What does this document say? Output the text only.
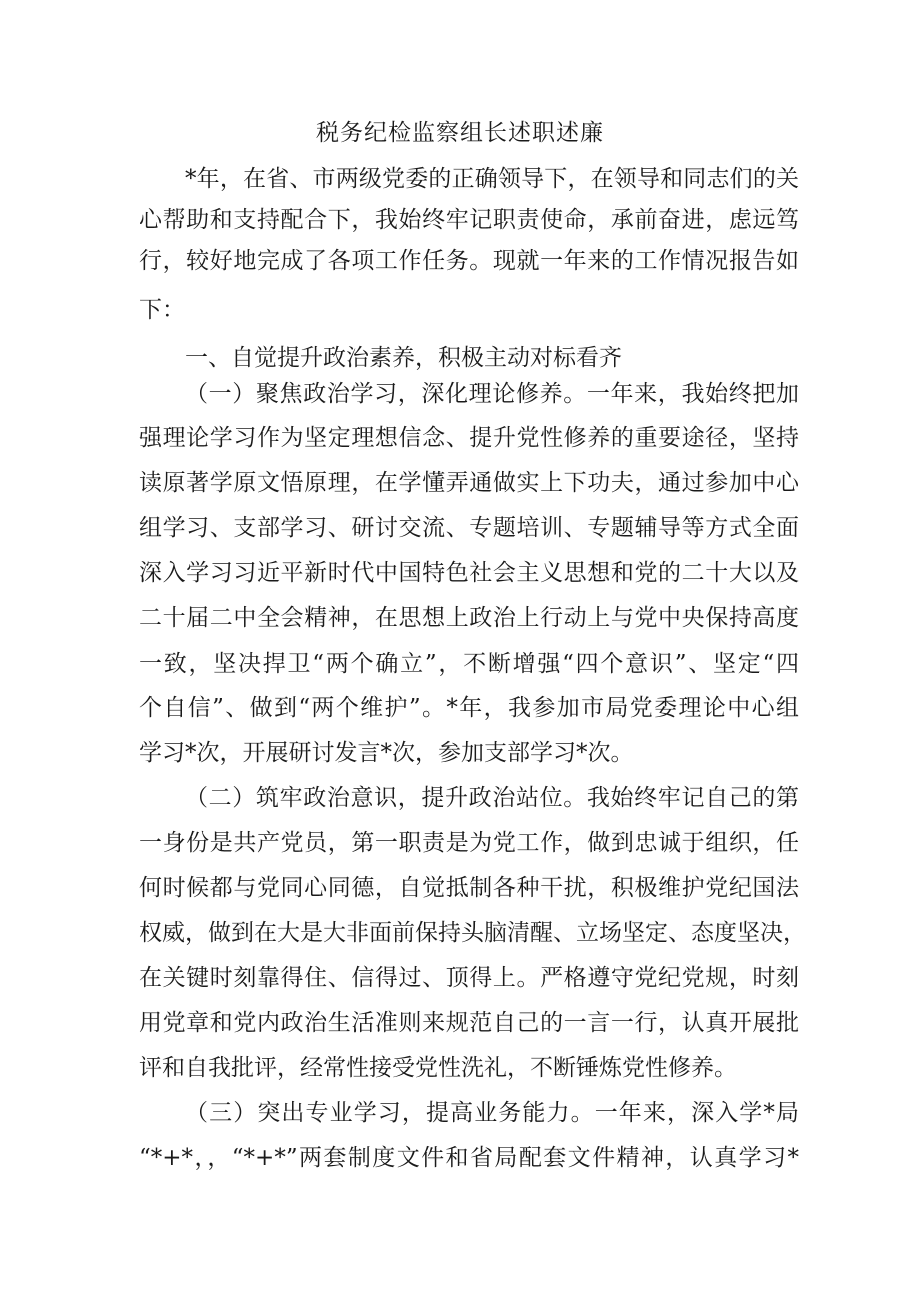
税务纪检监察组长述职述廉
*年，在省、市两级党委的正确领导下，在领导和同志们的关
心帮助和支持配合下，我始终牢记职责使命，承前奋进，虑远笃
行，较好地完成了各项工作任务。现就一年来的工作情况报告如
下：
一、自觉提升政治素养，积极主动对标看齐
（一）聚焦政治学习，深化理论修养。一年来，我始终把加
强理论学习作为坚定理想信念、提升党性修养的重要途径，坚持
读原著学原文悟原理，在学懂弄通做实上下功夫，通过参加中心
组学习、支部学习、研讨交流、专题培训、专题辅导等方式全面
深入学习习近平新时代中国特色社会主义思想和党的二十大以及
二十届二中全会精神，在思想上政治上行动上与党中央保持高度
一致，坚决捍卫“两个确立”，不断增强“四个意识”、坚定“四
个自信”、做到“两个维护”。*年，我参加市局党委理论中心组
学习*次，开展研讨发言*次，参加支部学习*次。
（二）筑牢政治意识，提升政治站位。我始终牢记自己的第
一身份是共产党员，第一职责是为党工作，做到忠诚于组织，任
何时候都与党同心同德，自觉抵制各种干扰，积极维护党纪国法
权威，做到在大是大非面前保持头脑清醒、立场坚定、态度坚决，
在关键时刻靠得住、信得过、顶得上。严格遵守党纪党规，时刻
用党章和党内政治生活准则来规范自己的一言一行，认真开展批
评和自我批评，经常性接受党性洗礼，不断锤炼党性修养。
（三）突出专业学习，提高业务能力。一年来，深入学*局
“*+*，，“*+*”两套制度文件和省局配套文件精神，认真学习*
